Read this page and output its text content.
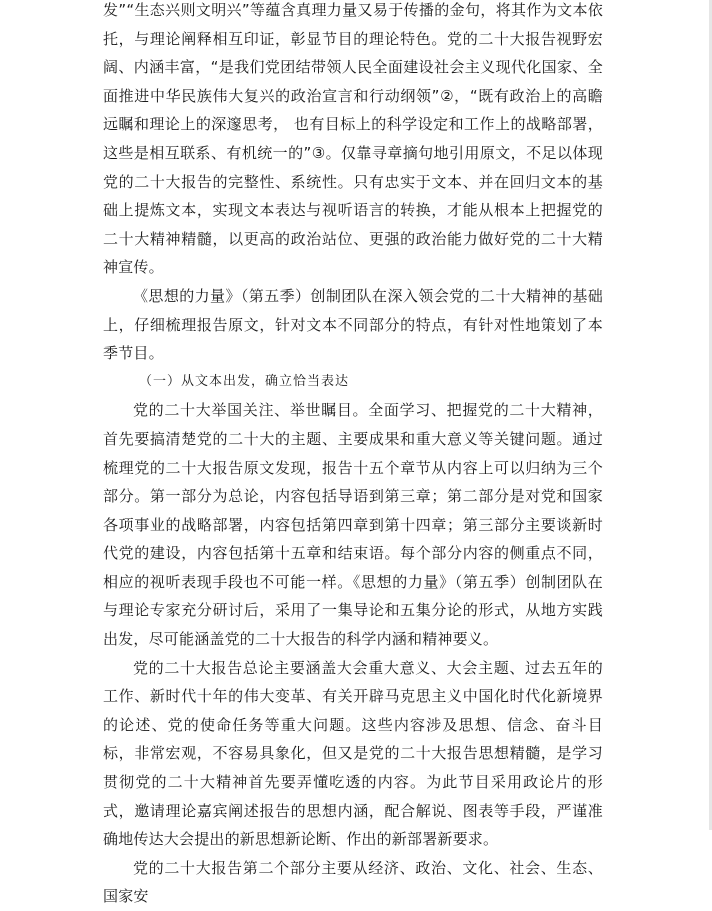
发”“生态兴则文明兴”等蕴含真理力量又易于传播的金句，将其作为文本依托，与理论阐释相互印证，彰显节目的理论特色。党的二十大报告视野宏阔、内涵丰富，“是我们党团结带领人民全面建设社会主义现代化国家、全面推进中华民族伟大复兴的政治宣言和行动纲领”②，“既有政治上的高瞻远瞩和理论上的深邃思考， 也有目标上的科学设定和工作上的战略部署，这些是相互联系、有机统一的”③。仅靠寻章摘句地引用原文，不足以体现党的二十大报告的完整性、系统性。只有忠实于文本、并在回归文本的基础上提炼文本，实现文本表达与视听语言的转换，才能从根本上把握党的二十大精神精髓，以更高的政治站位、更强的政治能力做好党的二十大精神宣传。

《思想的力量》（第五季）创制团队在深入领会党的二十大精神的基础上，仔细梳理报告原文，针对文本不同部分的特点，有针对性地策划了本季节目。

（一）从文本出发，确立恰当表达

党的二十大举国关注、举世瞩目。全面学习、把握党的二十大精神，首先要搞清楚党的二十大的主题、主要成果和重大意义等关键问题。通过梳理党的二十大报告原文发现，报告十五个章节从内容上可以归纳为三个部分。第一部分为总论，内容包括导语到第三章；第二部分是对党和国家各项事业的战略部署，内容包括第四章到第十四章；第三部分主要谈新时代党的建设，内容包括第十五章和结束语。每个部分内容的侧重点不同，相应的视听表现手段也不可能一样。《思想的力量》（第五季）创制团队在与理论专家充分研讨后，采用了一集导论和五集分论的形式，从地方实践出发，尽可能涵盖党的二十大报告的科学内涵和精神要义。

党的二十大报告总论主要涵盖大会重大意义、大会主题、过去五年的工作、新时代十年的伟大变革、有关开辟马克思主义中国化时代化新境界的论述、党的使命任务等重大问题。这些内容涉及思想、信念、奋斗目标，非常宏观，不容易具象化，但又是党的二十大报告思想精髓，是学习贯彻党的二十大精神首先要弄懂吃透的内容。为此节目采用政论片的形式，邀请理论嘉宾阐述报告的思想内涵，配合解说、图表等手段，严谨准确地传达大会提出的新思想新论断、作出的新部署新要求。

党的二十大报告第二个部分主要从经济、政治、文化、社会、生态、国家安
